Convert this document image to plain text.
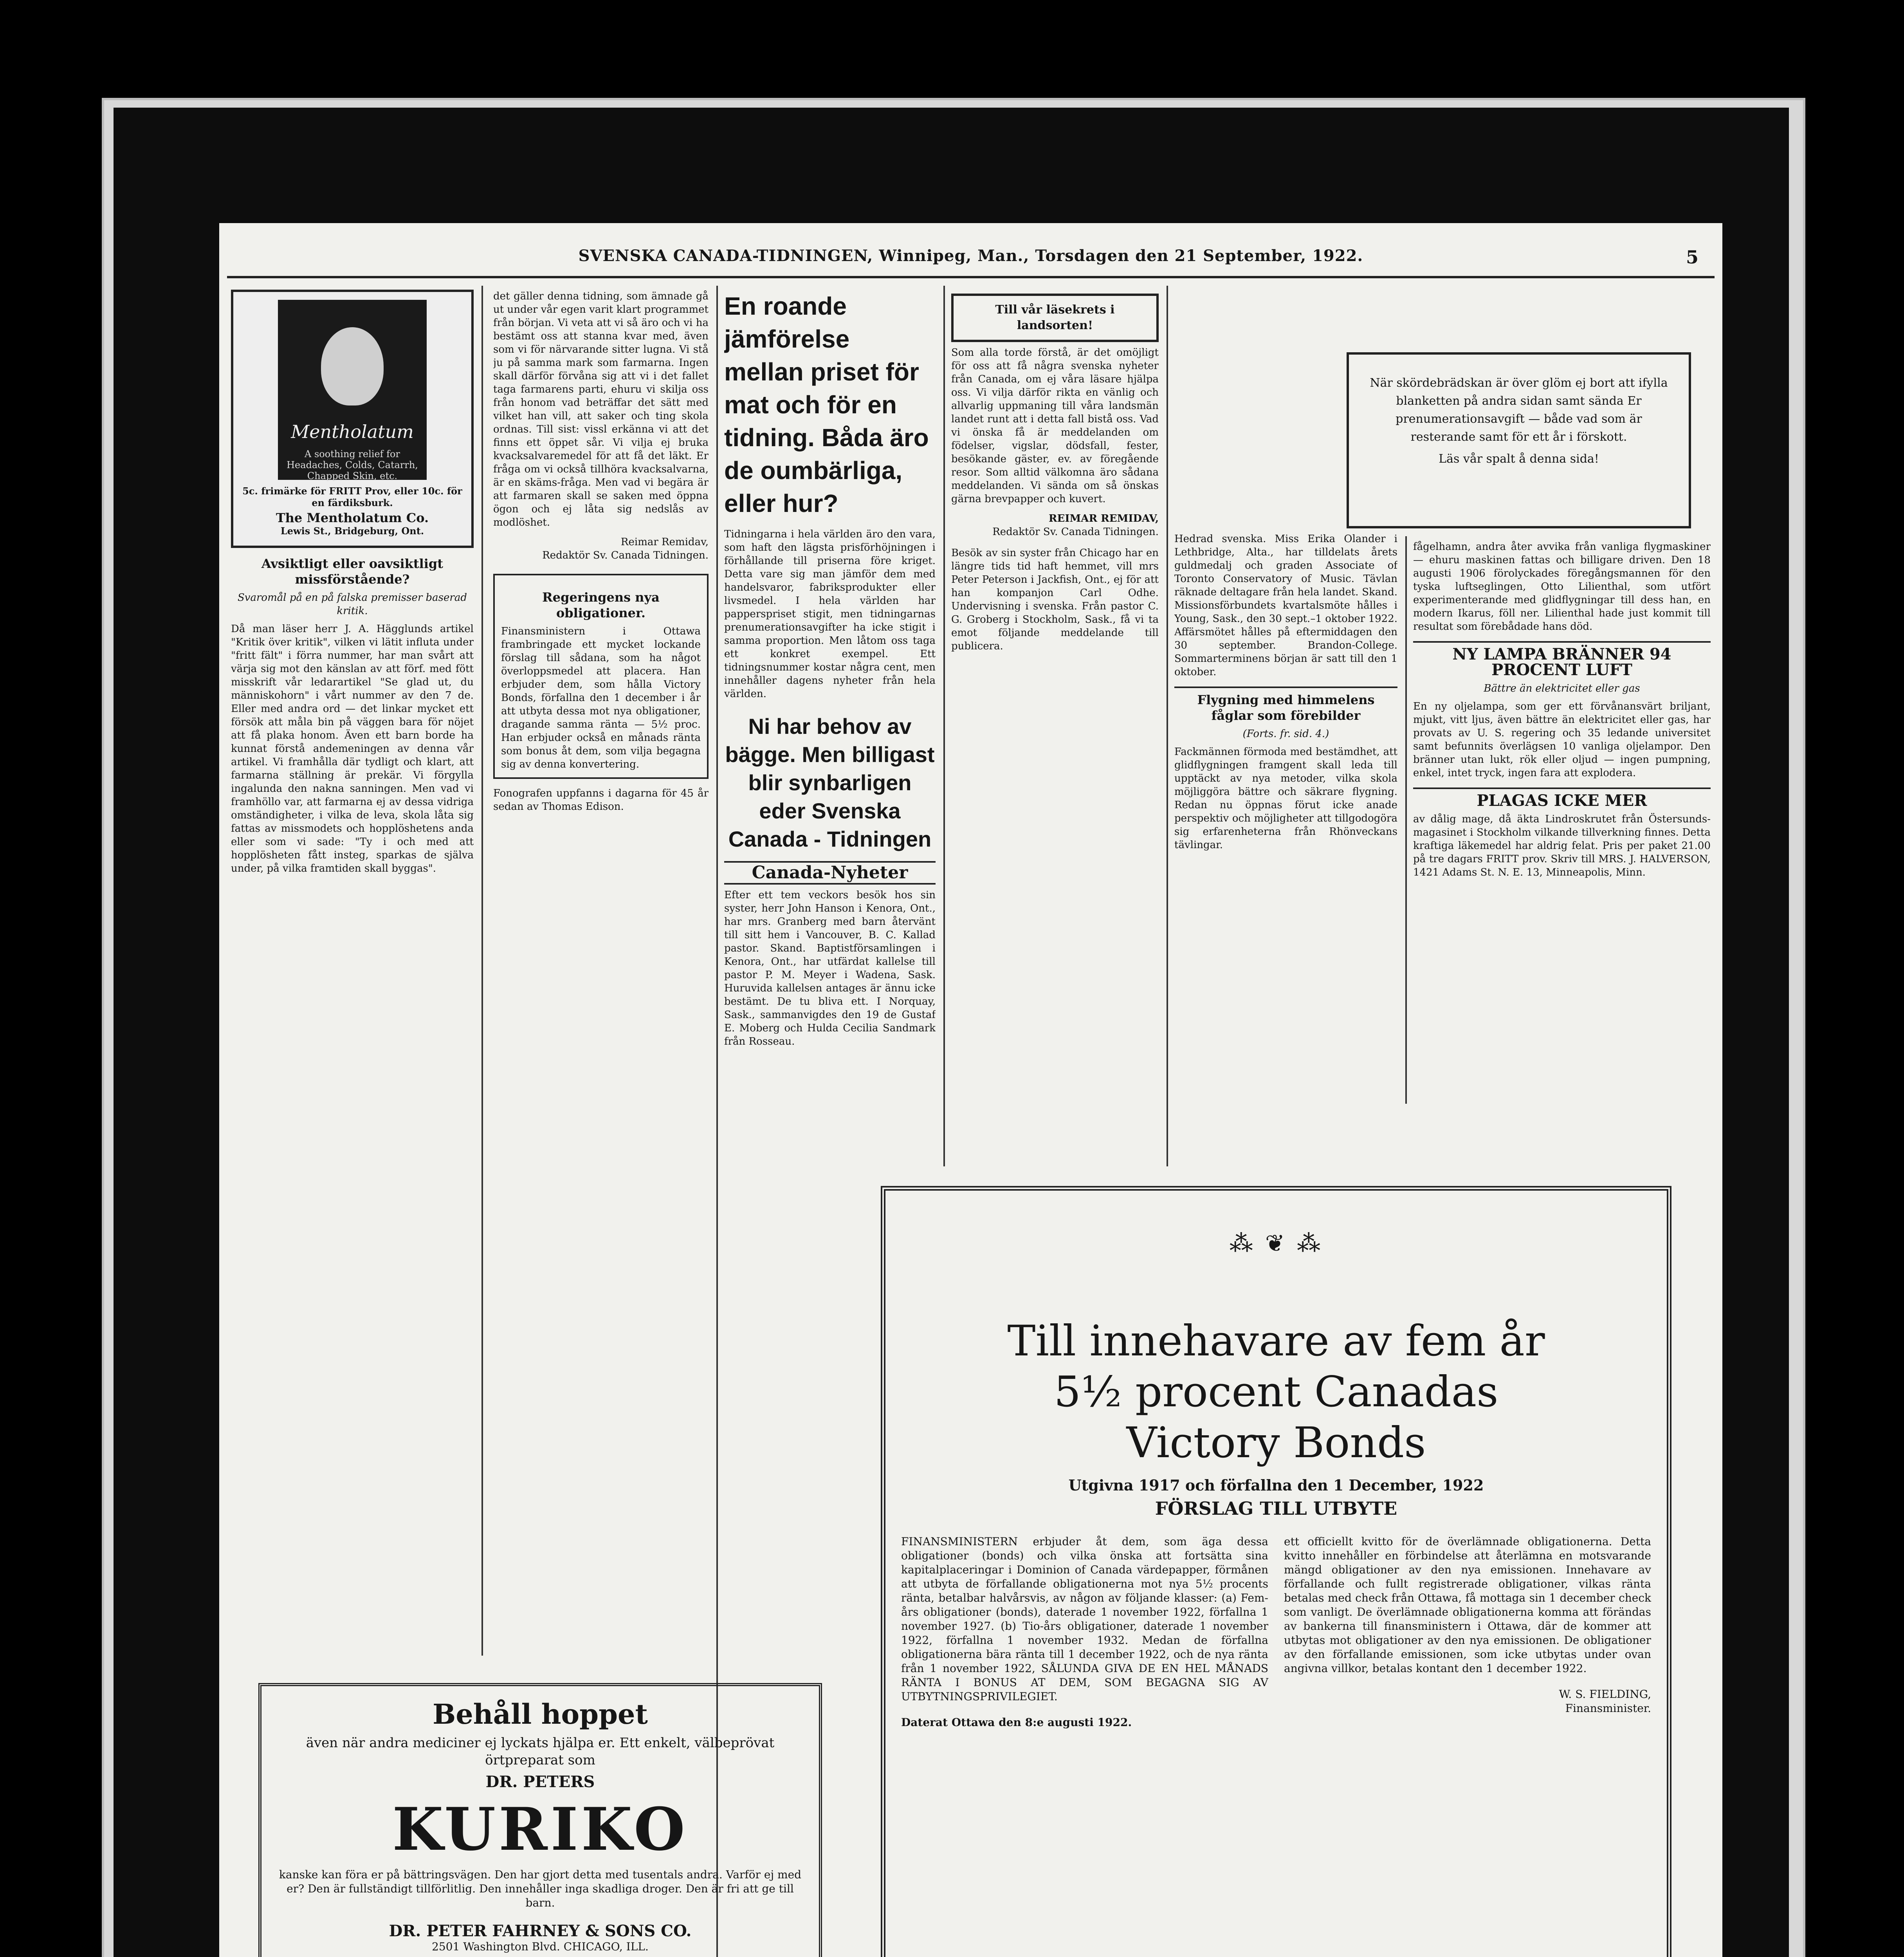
SVENSKA CANADA-TIDNINGEN, Winnipeg, Man., Torsdagen den 21 September, 1922.	5
Mentholatum
A soothing relief for Headaches, Colds, Catarrh, Chapped Skin, etc.
5c. frimärke för FRITT Prov, eller 10c. för en färdiksburk.
The Mentholatum Co.
Lewis St., Bridgeburg, Ont.
Avsiktligt eller oavsiktligt missförstående?
Svaromål på en på falska premisser baserad kritik.
Då man läser herr J. A. Hägglunds artikel "Kritik över kritik", vilken vi lätit influta under "fritt fält" i förra nummer, har man svårt att värja sig mot den känslan av att förf. med fött misskrift vår ledarartikel "Se glad ut, du människohorn" i vårt nummer av den 7 de. Eller med andra ord — det linkar mycket ett försök att måla bin på väggen bara för nöjet att få plaka honom. Även ett barn borde ha kunnat förstå andemeningen av denna vår artikel. Vi framhålla där tydligt och klart, att farmarna ställning är prekär. Vi förgylla ingalunda den nakna sanningen. Men vad vi framhöllo var, att farmarna ej av dessa vidriga omständigheter, i vilka de leva, skola låta sig fattas av missmodets och hopplöshetens anda eller som vi sade: "Ty i och med att hopplösheten fått insteg, sparkas de själva under, på vilka framtiden skall byggas".
det gäller denna tidning, som ämnade gå ut under vår egen varit klart programmet från början. Vi veta att vi så äro och vi ha bestämt oss att stanna kvar med, även som vi för närvarande sitter lugna. Vi stå ju på samma mark som farmarna. Ingen skall därför förvåna sig att vi i det fallet taga farmarens parti, ehuru vi skilja oss från honom vad beträffar det sätt med vilket han vill, att saker och ting skola ordnas. Till sist: vissl erkänna vi att det finns ett öppet sår. Vi vilja ej bruka kvacksalvaremedel för att få det läkt. Er fråga om vi också tillhöra kvacksalvarna, är en skäms-fråga. Men vad vi begära är att farmaren skall se saken med öppna ögon och ej låta sig nedslås av modlöshet.
Reimar Remidav,
Redaktör Sv. Canada Tidningen.
Regeringens nya obligationer.
Finansministern i Ottawa frambringade ett mycket lockande förslag till sådana, som ha något överloppsmedel att placera. Han erbjuder dem, som hålla Victory Bonds, förfallna den 1 december i år att utbyta dessa mot nya obligationer, dragande samma ränta — 5½ proc. Han erbjuder också en månads ränta som bonus åt dem, som vilja begagna sig av denna konvertering.
Fonografen uppfanns i dagarna för 45 år sedan av Thomas Edison.
En roande jämförelse mellan priset för mat och för en tidning. Båda äro de oumbärliga, eller hur?
Tidningarna i hela världen äro den vara, som haft den lägsta prisförhöjningen i förhållande till priserna före kriget. Detta vare sig man jämför dem med handelsvaror, fabriksprodukter eller livsmedel. I hela världen har papperspriset stigit, men tidningarnas prenumerationsavgifter ha icke stigit i samma proportion. Men låtom oss taga ett konkret exempel. Ett tidningsnummer kostar några cent, men innehåller dagens nyheter från hela världen.
Ni har behov av bägge. Men billigast blir synbarligen eder Svenska Canada - Tidningen
Canada-Nyheter
Efter ett tem veckors besök hos sin syster, herr John Hanson i Kenora, Ont., har mrs. Granberg med barn återvänt till sitt hem i Vancouver, B. C. Kallad pastor. Skand. Baptistförsamlingen i Kenora, Ont., har utfärdat kallelse till pastor P. M. Meyer i Wadena, Sask. Huruvida kallelsen antages är ännu icke bestämt. De tu bliva ett. I Norquay, Sask., sammanvigdes den 19 de Gustaf E. Moberg och Hulda Cecilia Sandmark från Rosseau.
Till vår läsekrets i landsorten!
Som alla torde förstå, är det omöjligt för oss att få några svenska nyheter från Canada, om ej våra läsare hjälpa oss. Vi vilja därför rikta en vänlig och allvarlig uppmaning till våra landsmän landet runt att i detta fall bistå oss. Vad vi önska få är meddelanden om födelser, vigslar, dödsfall, fester, besökande gäster, ev. av föregående resor. Som alltid välkomna äro sådana meddelanden. Vi sända om så önskas gärna brevpapper och kuvert.
REIMAR REMIDAV,
Redaktör Sv. Canada Tidningen.
Besök av sin syster från Chicago har en längre tids tid haft hemmet, vill mrs Peter Peterson i Jackfish, Ont., ej för att han kompanjon Carl Odhe. Undervisning i svenska. Från pastor C. G. Groberg i Stockholm, Sask., få vi ta emot följande meddelande till publicera.
När skördebrädskan är över glöm ej bort att ifylla blanketten på andra sidan samt sända Er prenumerationsavgift — både vad som är resterande samt för ett år i förskott.
Läs vår spalt å denna sida!
Hedrad svenska. Miss Erika Olander i Lethbridge, Alta., har tilldelats årets guldmedalj och graden Associate of Toronto Conservatory of Music. Tävlan räknade deltagare från hela landet. Skand. Missionsförbundets kvartalsmöte hålles i Young, Sask., den 30 sept.–1 oktober 1922. Affärsmötet hålles på eftermiddagen den 30 september. Brandon-College. Sommarterminens början är satt till den 1 oktober.
Flygning med himmelens fåglar som förebilder
(Forts. fr. sid. 4.)
Fackmännen förmoda med bestämdhet, att glidflygningen framgent skall leda till upptäckt av nya metoder, vilka skola möjliggöra bättre och säkrare flygning. Redan nu öppnas förut icke anade perspektiv och möjligheter att tillgodogöra sig erfarenheterna från Rhönveckans tävlingar.
fågelhamn, andra åter avvika från vanliga flygmaskiner — ehuru maskinen fattas och billigare driven. Den 18 augusti 1906 förolyckades föregångsmannen för den tyska luftseglingen, Otto Lilienthal, som utfört experimenterande med glidflygningar till dess han, en modern Ikarus, föll ner. Lilienthal hade just kommit till resultat som förebådade hans död.
NY LAMPA BRÄNNER 94 PROCENT LUFT
Bättre än elektricitet eller gas
En ny oljelampa, som ger ett förvånansvärt briljant, mjukt, vitt ljus, även bättre än elektricitet eller gas, har provats av U. S. regering och 35 ledande universitet samt befunnits överlägsen 10 vanliga oljelampor. Den bränner utan lukt, rök eller oljud — ingen pumpning, enkel, intet tryck, ingen fara att explodera.
PLAGAS ICKE MER
av dålig mage, då äkta Lindroskrutet från Östersunds-magasinet i Stockholm vilkande tillverkning finnes. Detta kraftiga läkemedel har aldrig felat. Pris per paket 21.00 på tre dagars FRITT prov. Skriv till MRS. J. HALVERSON, 1421 Adams St. N. E. 13, Minneapolis, Minn.
Behåll hoppet
även när andra mediciner ej lyckats hjälpa er. Ett enkelt, välbeprövat örtpreparat som
DR. PETERS
KURIKO
kanske kan föra er på bättringsvägen. Den har gjort detta med tusentals andra. Varför ej med er? Den är fullständigt tillförlitlig. Den innehåller inga skadliga droger. Den är fri att ge till barn.
DR. PETER FAHRNEY & SONS CO.
2501 Washington Blvd. CHICAGO, ILL.
⁂ ❦ ⁂
Till innehavare av fem år
5½ procent Canadas
Victory Bonds
Utgivna 1917 och förfallna den 1 December, 1922
FÖRSLAG TILL UTBYTE
FINANSMINISTERN erbjuder åt dem, som äga dessa obligationer (bonds) och vilka önska att fortsätta sina kapitalplaceringar i Dominion of Canada värdepapper, förmånen att utbyta de förfallande obligationerna mot nya 5½ procents ränta, betalbar halvårsvis, av någon av följande klasser: (a) Fem-års obligationer (bonds), daterade 1 november 1922, förfallna 1 november 1927. (b) Tio-års obligationer, daterade 1 november 1922, förfallna 1 november 1932. Medan de förfallna obligationerna bära ränta till 1 december 1922, och de nya ränta från 1 november 1922, SÅLUNDA GIVA DE EN HEL MÅNADS RÄNTA I BONUS AT DEM, SOM BEGAGNA SIG AV UTBYTNINGSPRIVILEGIET.
Daterat Ottawa den 8:e augusti 1922.
ett officiellt kvitto för de överlämnade obligationerna. Detta kvitto innehåller en förbindelse att återlämna en motsvarande mängd obligationer av den nya emissionen. Innehavare av förfallande och fullt registrerade obligationer, vilkas ränta betalas med check från Ottawa, få mottaga sin 1 december check som vanligt. De överlämnade obligationerna komma att förändas av bankerna till finansministern i Ottawa, där de kommer att utbytas mot obligationer av den nya emissionen. De obligationer av den förfallande emissionen, som icke utbytas under ovan angivna villkor, betalas kontant den 1 december 1922.
W. S. FIELDING,
Finansminister.
